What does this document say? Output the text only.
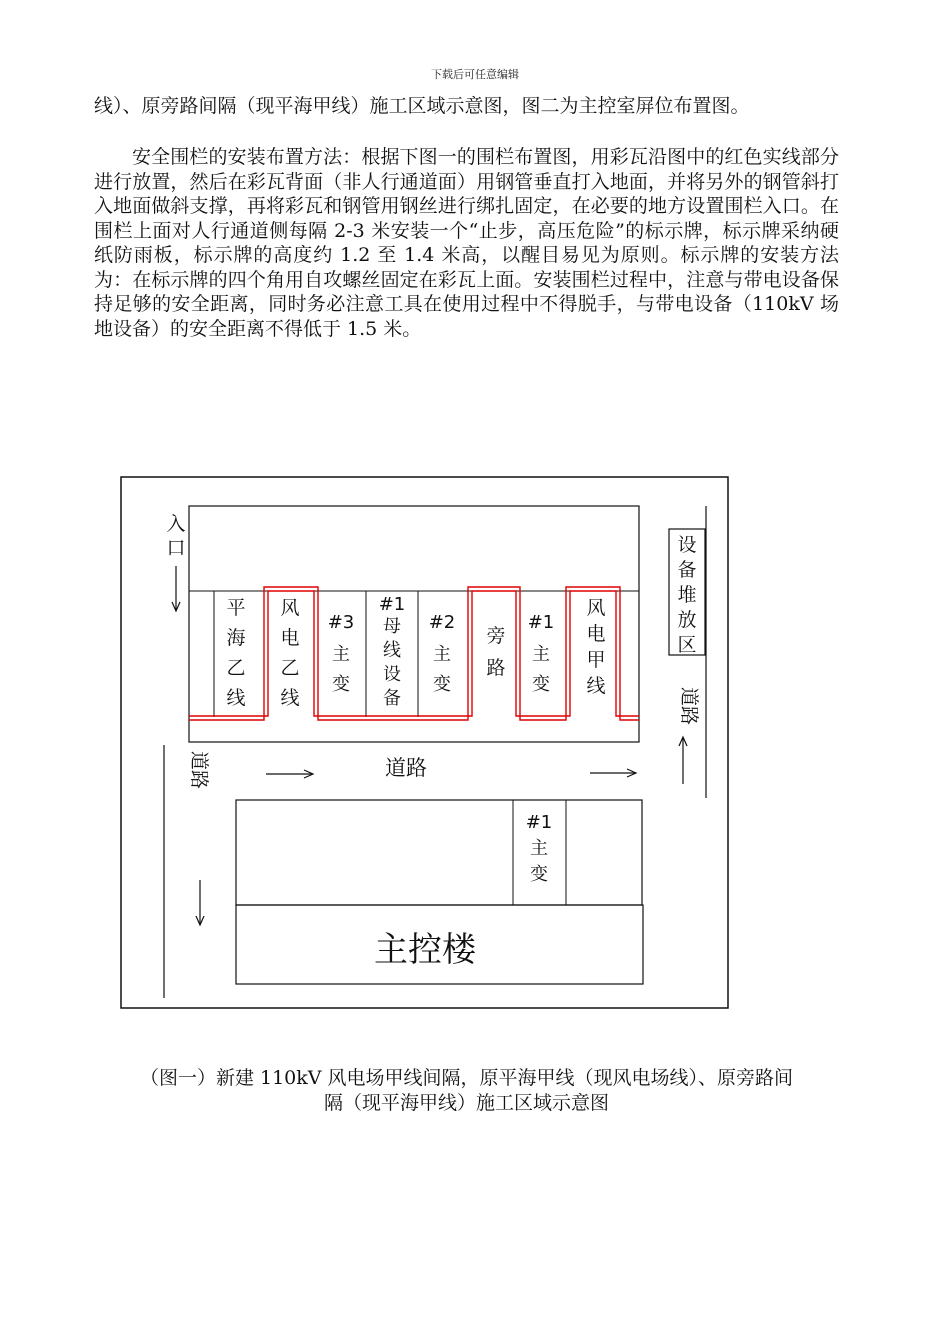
下载后可任意编辑

线）、原旁路间隔（现平海甲线）施工区域示意图，图二为主控室屏位布置图。

安全围栏的安装布置方法：根据下图一的围栏布置图，用彩瓦沿图中的红色实线部分进行放置，然后在彩瓦背面（非人行通道面）用钢管垂直打入地面，并将另外的钢管斜打入地面做斜支撑，再将彩瓦和钢管用钢丝进行绑扎固定，在必要的地方设置围栏入口。在围栏上面对人行通道侧每隔 2-3 米安装一个“止步，高压危险”的标示牌，标示牌采纳硬纸防雨板，标示牌的高度约 1.2 至 1.4 米高，以醒目易见为原则。标示牌的安装方法为：在标示牌的四个角用自攻螺丝固定在彩瓦上面。安装围栏过程中，注意与带电设备保持足够的安全距离，同时务必注意工具在使用过程中不得脱手，与带电设备（110kV 场地设备）的安全距离不得低于 1.5 米。

平海乙线
风电乙线
#3 主变
#1 母线设备
#2 主变
旁路
#1 主变
风电甲线
入口
道路	道路
设备堆放区
道路
#1 主变
主控楼
（图一）新建 110kV 风电场甲线间隔，原平海甲线（现风电场线）、原旁路间
隔（现平海甲线）施工区域示意图
